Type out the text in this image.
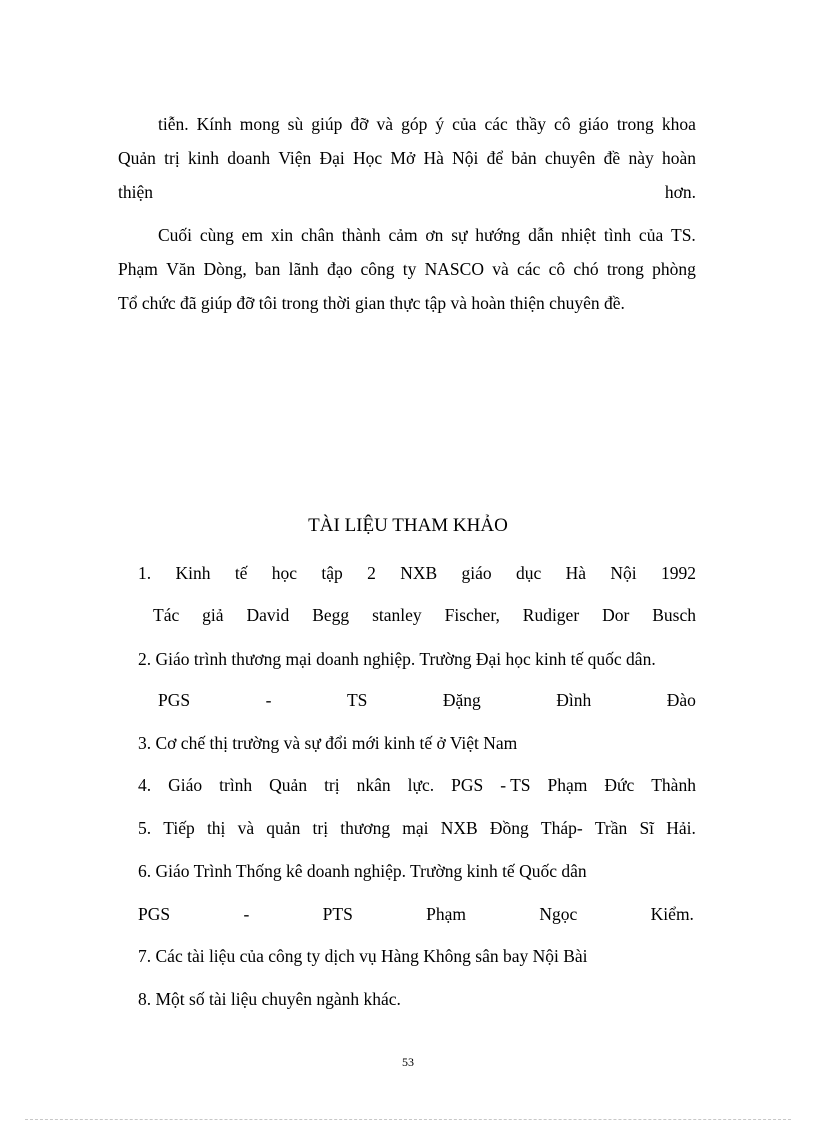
tiễn. Kính mong sù giúp đỡ và góp ý của các thầy cô giáo trong khoa
Quản trị kinh doanh Viện Đại Học Mở Hà Nội để bản chuyên đề này hoàn
thiện	hơn.
Cuối cùng em xin chân thành cảm ơn sự hướng dẫn nhiệt tình của TS.
Phạm Văn Dòng, ban lãnh đạo công ty NASCO và các cô chó trong phòng
Tổ chức đã giúp đỡ tôi trong thời gian thực tập và hoàn thiện chuyên đề.
TÀI LIỆU THAM KHẢO
1. Kinh tế học tập 2 NXB giáo dục Hà Nội 1992
Tác giả David Begg stanley Fischer, Rudiger Dor Busch
2. Giáo trình thương mại doanh nghiệp. Trường Đại học kinh tế quốc dân.
PGS	-	TS	Đặng	Đình	Đào
3. Cơ chế thị trường và sự đổi mới kinh tế ở Việt Nam
4. Giáo trình Quản trị nkân lực. PGS - TS Phạm Đức Thành
5. Tiếp thị và quản trị thương mại NXB Đồng Tháp- Trần Sĩ Hải.
6. Giáo Trình Thống kê doanh nghiệp. Trường kinh tế Quốc dân
PGS	-	PTS	Phạm	Ngọc	Kiểm.
7. Các tài liệu của công ty dịch vụ Hàng Không sân bay Nội Bài
8. Một số tài liệu chuyên ngành khác.
53
